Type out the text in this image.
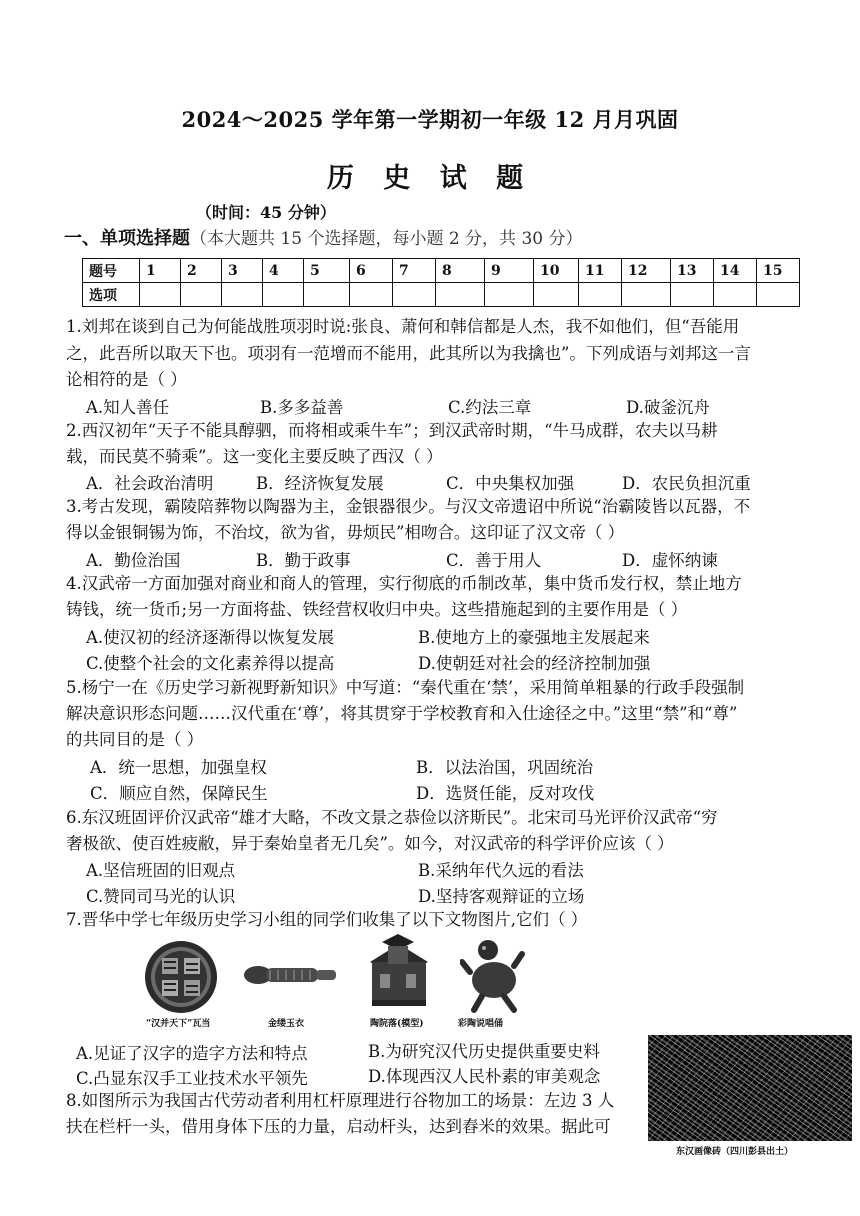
2024～2025 学年第一学期初一年级 12 月月巩固
历 史 试 题
（时间：45 分钟）
一、单项选择题（本大题共 15 个选择题，每小题 2 分，共 30 分）
题号	1	2	3	4	5	6	7	8	9	10	11	12	13	14	15
选项															
1.刘邦在谈到自己为何能战胜项羽时说:张良、萧何和韩信都是人杰，我不如他们，但“吾能用
之，此吾所以取天下也。项羽有一范增而不能用，此其所以为我擒也”。下列成语与刘邦这一言
论相符的是（ ）
A.知人善任	B.多多益善	C.约法三章	D.破釜沉舟
2.西汉初年“天子不能具醇驷，而将相或乘牛车”；到汉武帝时期，“牛马成群，农夫以马耕
载，而民莫不骑乘”。这一变化主要反映了西汉（ ）
A．社会政治清明	B．经济恢复发展	C．中央集权加强	D．农民负担沉重
3.考古发现，霸陵陪葬物以陶器为主，金银器很少。与汉文帝遗诏中所说“治霸陵皆以瓦器，不
得以金银铜锡为饰，不治坟，欲为省，毋烦民”相吻合。这印证了汉文帝（ ）
A．勤俭治国	B．勤于政事	C．善于用人	D．虚怀纳谏
4.汉武帝一方面加强对商业和商人的管理，实行彻底的币制改革，集中货币发行权，禁止地方
铸钱，统一货币;另一方面将盐、铁经营权收归中央。这些措施起到的主要作用是（ ）
A.使汉初的经济逐渐得以恢复发展	B.使地方上的豪强地主发展起来
C.使整个社会的文化素养得以提高	D.使朝廷对社会的经济控制加强
5.杨宁一在《历史学习新视野新知识》中写道：“秦代重在‘禁’，采用简单粗暴的行政手段强制
解决意识形态问题……汉代重在‘尊’，将其贯穿于学校教育和入仕途径之中。”这里“禁”和“尊”
的共同目的是（ ）
A．统一思想，加强皇权	B．以法治国，巩固统治
C．顺应自然，保障民生	D．选贤任能，反对攻伐
6.东汉班固评价汉武帝“雄才大略，不改文景之恭俭以济斯民”。北宋司马光评价汉武帝“穷
奢极欲、使百姓疲敝，异于秦始皇者无几矣”。如今，对汉武帝的科学评价应该（ ）
A.坚信班固的旧观点	B.采纳年代久远的看法
C.赞同司马光的认识	D.坚持客观辩证的立场
7.晋华中学七年级历史学习小组的同学们收集了以下文物图片,它们（ ）
“汉并天下”瓦当	金缕玉衣	陶院落(模型)	彩陶说唱俑
A.见证了汉字的造字方法和特点	B.为研究汉代历史提供重要史料
C.凸显东汉手工业技术水平领先	D.体现西汉人民朴素的审美观念
8.如图所示为我国古代劳动者利用杠杆原理进行谷物加工的场景：左边 3 人
扶在栏杆一头，借用身体下压的力量，启动杆头，达到舂米的效果。据此可
东汉画像砖（四川彭县出土）
